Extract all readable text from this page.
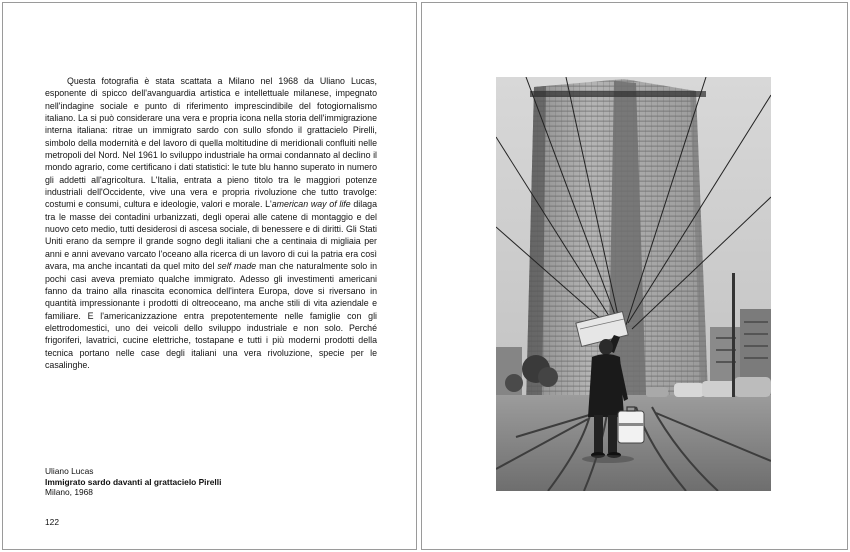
Questa fotografia è stata scattata a Milano nel 1968 da Uliano Lucas, esponente di spicco dell'avanguardia artistica e intellettuale milanese, impegnato nell'indagine sociale e punto di riferimento imprescindibile del fotogiornalismo italiano. La si può considerare una vera e propria icona nella storia dell'immigrazione interna italiana: ritrae un immigrato sardo con sullo sfondo il grattacielo Pirelli, simbolo della modernità e del lavoro di quella moltitudine di meridionali confluiti nelle metropoli del Nord. Nel 1961 lo sviluppo industriale ha ormai condannato al declino il mondo agrario, come certificano i dati statistici: le tute blu hanno superato in numero gli addetti all'agricoltura. L'Italia, entrata a pieno titolo tra le maggiori potenze industriali dell'Occidente, vive una vera e propria rivoluzione che tutto travolge: costumi e consumi, cultura e ideologie, valori e morale. L'american way of life dilaga tra le masse dei contadini urbanizzati, degli operai alle catene di montaggio e del nuovo ceto medio, tutti desiderosi di ascesa sociale, di benessere e di diritti. Gli Stati Uniti erano da sempre il grande sogno degli italiani che a centinaia di migliaia per anni e anni avevano varcato l'oceano alla ricerca di un lavoro di cui la patria era così avara, ma anche incantati da quel mito del self made man che naturalmente solo in pochi casi aveva premiato qualche immigrato. Adesso gli investimenti americani fanno da traino alla rinascita economica dell'intera Europa, dove si riversano in quantità impressionante i prodotti di oltreoceano, ma anche stili di vita aziendale e familiare. E l'americanizzazione entra prepotentemente nelle famiglie con gli elettrodomestici, uno dei veicoli dello sviluppo industriale e non solo. Perché frigoriferi, lavatrici, cucine elettriche, tostapane e tutti i più moderni prodotti della tecnica portano nelle case degli italiani una vera rivoluzione, specie per le casalinghe.

Uliano Lucas
Immigrato sardo davanti al grattacielo Pirelli
Milano, 1968
122
